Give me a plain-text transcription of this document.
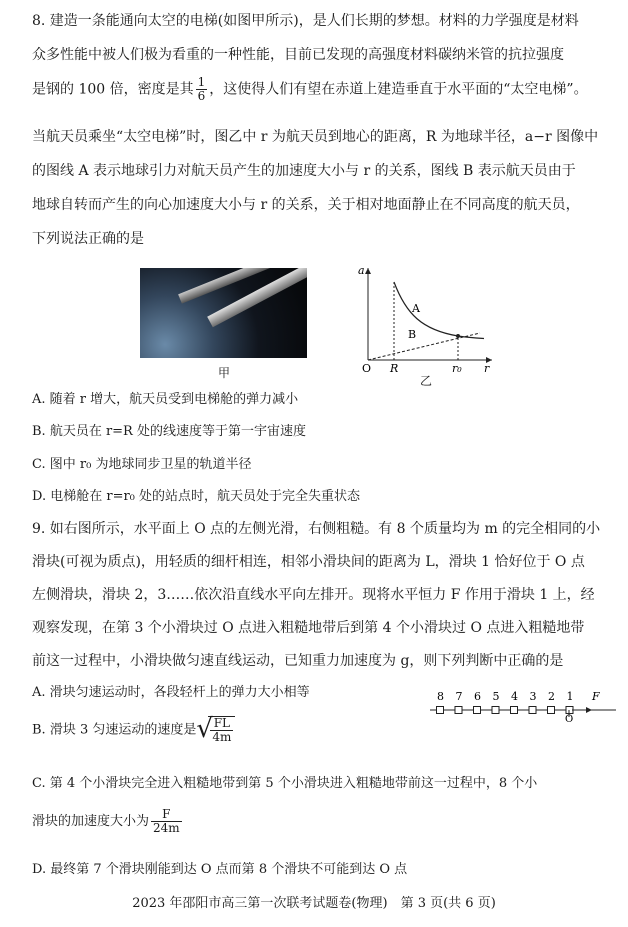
8. 建造一条能通向太空的电梯(如图甲所示)，是人们长期的梦想。材料的力学强度是材料
众多性能中被人们极为看重的一种性能，目前已发现的高强度材料碳纳米管的抗拉强度
是钢的 100 倍，密度是其 $\frac{1}{6}$ ，这使得人们有望在赤道上建造垂直于水平面的“太空电梯”。
当航天员乘坐“太空电梯”时，图乙中 r 为航天员到地心的距离，R 为地球半径，a−r 图像中
的图线 A 表示地球引力对航天员产生的加速度大小与 r 的关系，图线 B 表示航天员由于
地球自转而产生的向心加速度大小与 r 的关系，关于相对地面静止在不同高度的航天员，
下列说法正确的是
甲
a
A
B
O R	r₀ r
乙
A. 随着 r 增大，航天员受到电梯舱的弹力减小
B. 航天员在 r=R 处的线速度等于第一宇宙速度
C. 图中 r₀ 为地球同步卫星的轨道半径
D. 电梯舱在 r=r₀ 处的站点时，航天员处于完全失重状态
9. 如右图所示，水平面上 O 点的左侧光滑，右侧粗糙。有 8 个质量均为 m 的完全相同的小
滑块(可视为质点)，用轻质的细杆相连，相邻小滑块间的距离为 L，滑块 1 恰好位于 O 点
左侧滑块，滑块 2，3……依次沿直线水平向左排开。现将水平恒力 F 作用于滑块 1 上，经
观察发现，在第 3 个小滑块过 O 点进入粗糙地带后到第 4 个小滑块过 O 点进入粗糙地带
前这一过程中，小滑块做匀速直线运动，已知重力加速度为 g，则下列判断中正确的是
A. 滑块匀速运动时，各段轻杆上的弹力大小相等	8 7 6 5 4 3 2 1 F
O
B. 滑块 3 匀速运动的速度是 √
$\frac{FL}{4m}$
C. 第 4 个小滑块完全进入粗糙地带到第 5 个小滑块进入粗糙地带前这一过程中，8 个小
滑块的加速度大小为 $\frac{F}{24m}$
D. 最终第 7 个滑块刚能到达 O 点而第 8 个滑块不可能到达 O 点
2023 年邵阳市高三第一次联考试题卷(物理)　第 3 页(共 6 页)
